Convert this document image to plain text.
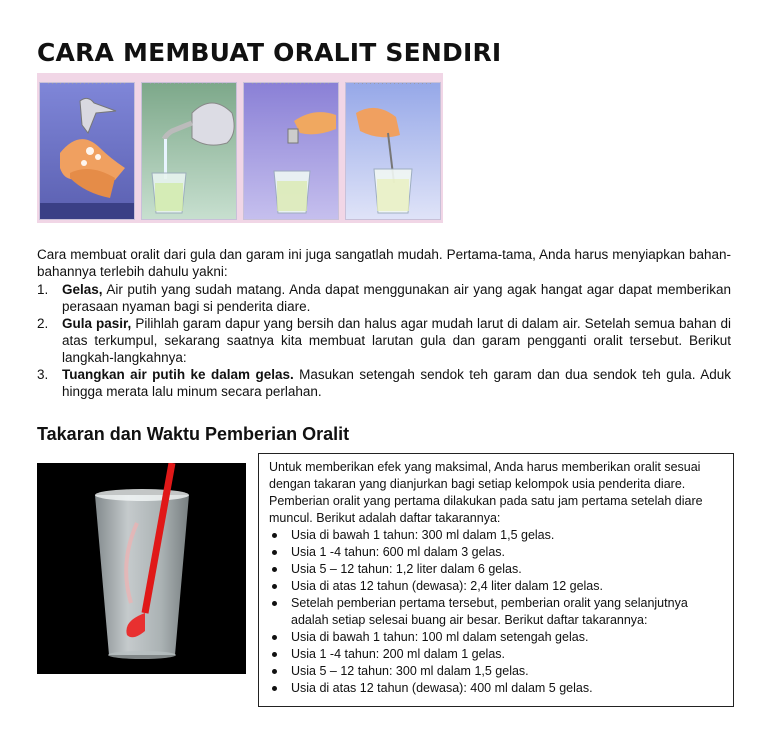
CARA MEMBUAT ORALIT SENDIRI
Cara membuat oralit dari gula dan garam ini juga sangatlah mudah. Pertama-tama, Anda harus menyiapkan bahan-bahannya terlebih dahulu yakni:
1. Gelas, Air putih yang sudah matang. Anda dapat menggunakan air yang agak hangat agar dapat memberikan perasaan nyaman bagi si penderita diare.
2. Gula pasir, Pilihlah garam dapur yang bersih dan halus agar mudah larut di dalam air. Setelah semua bahan di atas terkumpul, sekarang saatnya kita membuat larutan gula dan garam pengganti oralit tersebut. Berikut langkah-langkahnya:
3. Tuangkan air putih ke dalam gelas. Masukan setengah sendok teh garam dan dua sendok teh gula. Aduk hingga merata lalu minum secara perlahan.
Takaran dan Waktu Pemberian Oralit

Untuk memberikan efek yang maksimal, Anda harus memberikan oralit sesuai dengan takaran yang dianjurkan bagi setiap kelompok usia penderita diare. Pemberian oralit yang pertama dilakukan pada satu jam pertama setelah diare muncul. Berikut adalah daftar takarannya:

Usia di bawah 1 tahun: 300 ml dalam 1,5 gelas.
Usia 1 -4 tahun: 600 ml dalam 3 gelas.
Usia 5 – 12 tahun: 1,2 liter dalam 6 gelas.
Usia di atas 12 tahun (dewasa): 2,4 liter dalam 12 gelas.
Setelah pemberian pertama tersebut, pemberian oralit yang selanjutnya adalah setiap selesai buang air besar. Berikut daftar takarannya:
Usia di bawah 1 tahun: 100 ml dalam setengah gelas.
Usia 1 -4 tahun: 200 ml dalam 1 gelas.
Usia 5 – 12 tahun: 300 ml dalam 1,5 gelas.
Usia di atas 12 tahun (dewasa): 400 ml dalam 5 gelas.
